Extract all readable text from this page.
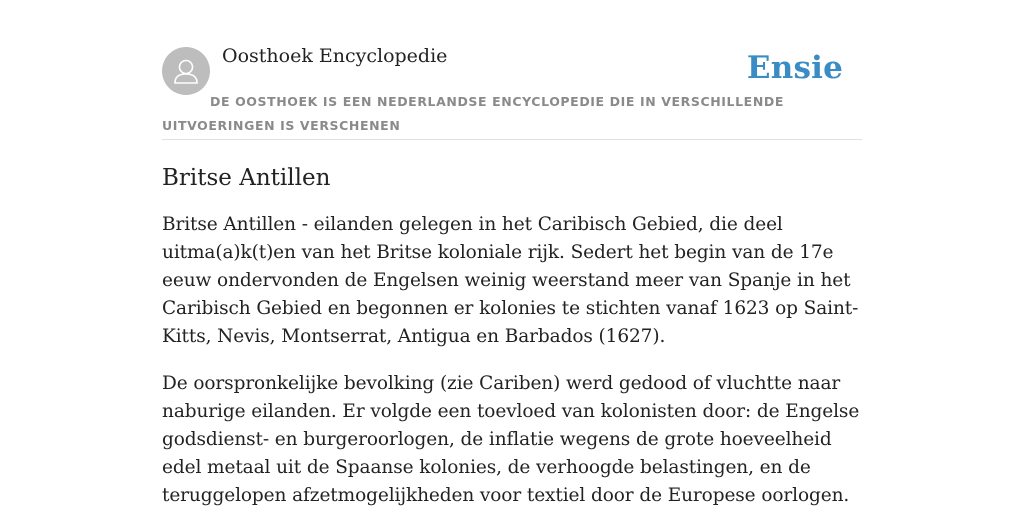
Oosthoek Encyclopedie	Ensie
DE OOSTHOEK IS EEN NEDERLANDSE ENCYCLOPEDIE DIE IN VERSCHILLENDE UITVOERINGEN IS VERSCHENEN
Britse Antillen

Britse Antillen - eilanden gelegen in het Caribisch Gebied, die deel uitma(a)k(t)en van het Britse koloniale rijk. Sedert het begin van de 17e eeuw ondervonden de Engelsen weinig weerstand meer van Spanje in het Caribisch Gebied en begonnen er kolonies te stichten vanaf 1623 op Saint-Kitts, Nevis, Montserrat, Antigua en Barbados (1627).

De oorspronkelijke bevolking (zie Cariben) werd gedood of vluchtte naar naburige eilanden. Er volgde een toevloed van kolonisten door: de Engelse godsdienst- en burgeroorlogen, de inflatie wegens de grote hoeveelheid edel metaal uit de Spaanse kolonies, de verhoogde belastingen, en de teruggelopen afzetmogelijkheden voor textiel door de Europese oorlogen.
